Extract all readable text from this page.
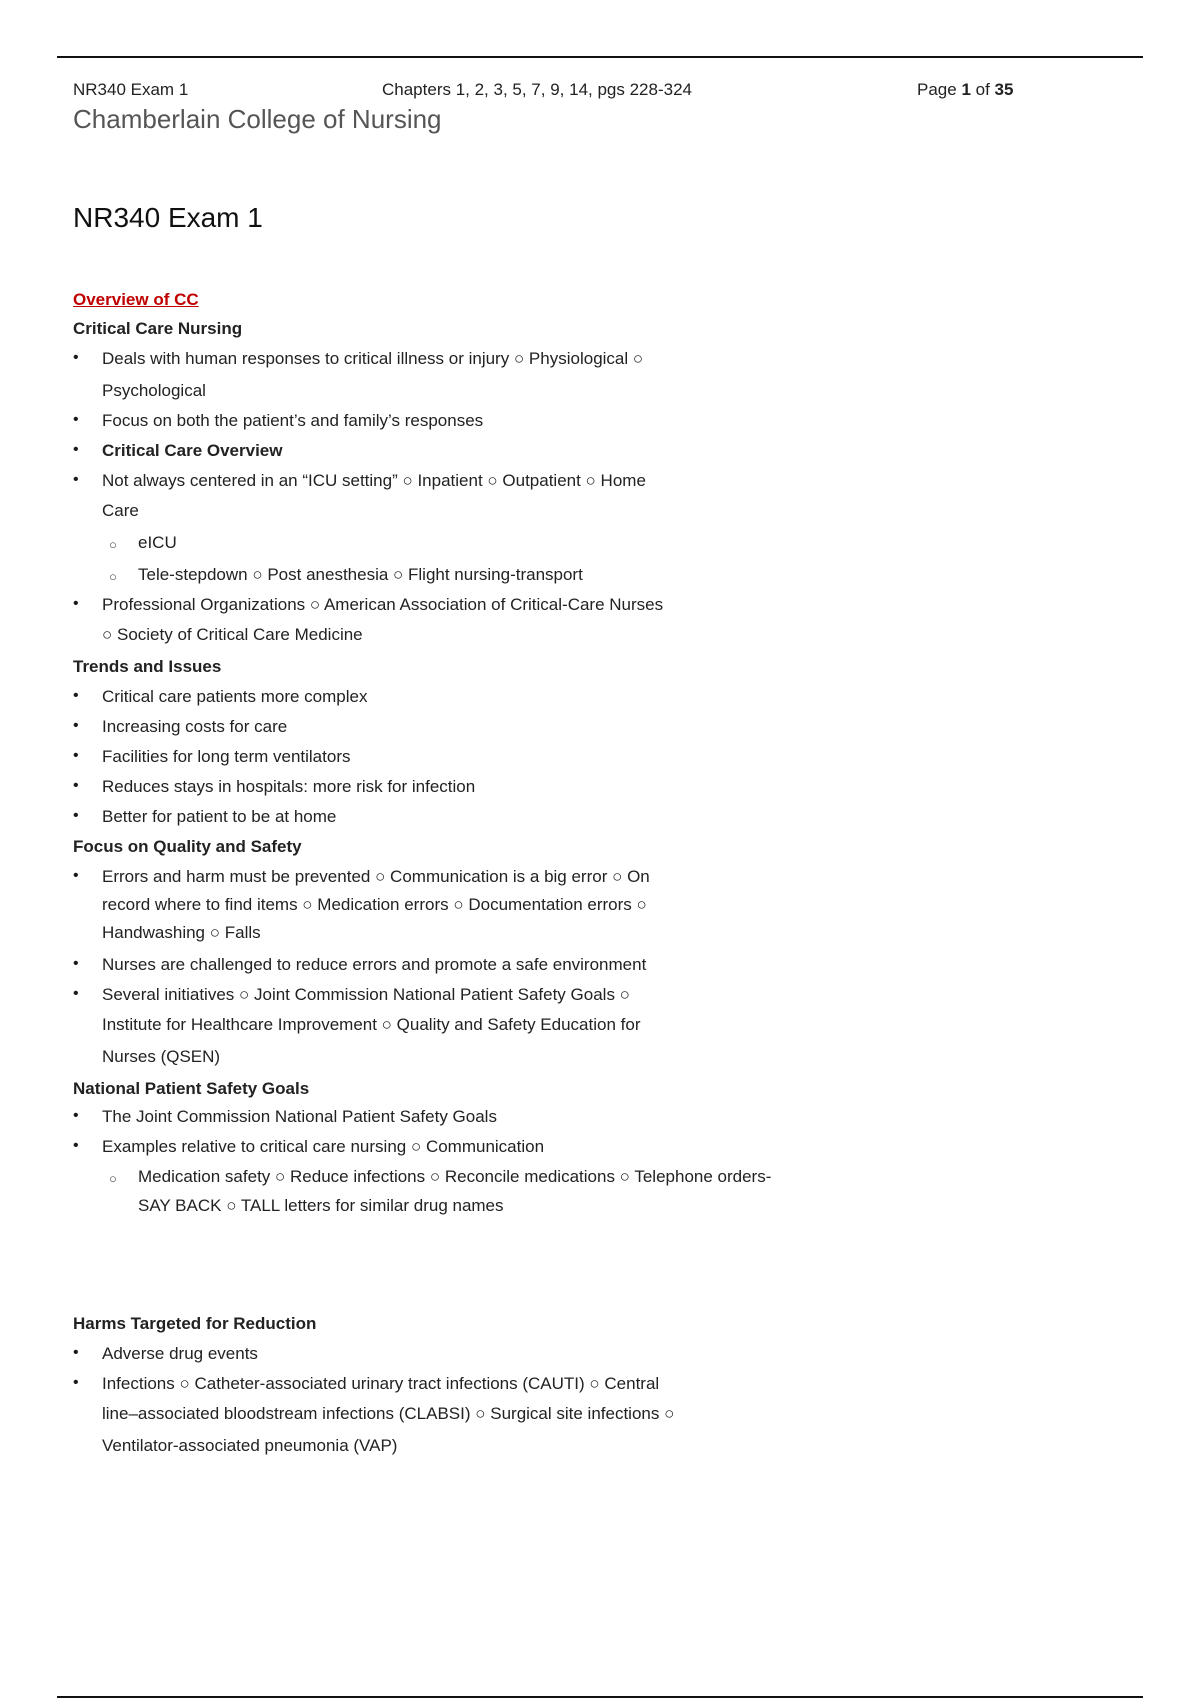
NR340 Exam 1	Chapters 1, 2, 3, 5, 7, 9, 14, pgs 228-324	Page 1 of 35
Chamberlain College of Nursing
NR340 Exam 1
Overview of CC
Critical Care Nursing
• Deals with human responses to critical illness or injury ○ Physiological ○
Psychological
• Focus on both the patient’s and family’s responses
• Critical Care Overview
• Not always centered in an “ICU setting” ○ Inpatient ○ Outpatient ○ Home
Care
○ eICU
○ Tele-stepdown ○ Post anesthesia ○ Flight nursing-transport
• Professional Organizations ○ American Association of Critical-Care Nurses
○ Society of Critical Care Medicine
Trends and Issues
• Critical care patients more complex
• Increasing costs for care
• Facilities for long term ventilators
• Reduces stays in hospitals: more risk for infection
• Better for patient to be at home
Focus on Quality and Safety
• Errors and harm must be prevented ○ Communication is a big error ○ On
record where to find items ○ Medication errors ○ Documentation errors ○
Handwashing ○ Falls
• Nurses are challenged to reduce errors and promote a safe environment
• Several initiatives ○ Joint Commission National Patient Safety Goals ○
Institute for Healthcare Improvement ○ Quality and Safety Education for
Nurses (QSEN)
National Patient Safety Goals
• The Joint Commission National Patient Safety Goals
• Examples relative to critical care nursing ○ Communication
○ Medication safety ○ Reduce infections ○ Reconcile medications ○ Telephone orders-
SAY BACK ○ TALL letters for similar drug names
Harms Targeted for Reduction
• Adverse drug events
• Infections ○ Catheter-associated urinary tract infections (CAUTI) ○ Central
line–associated bloodstream infections (CLABSI) ○ Surgical site infections ○
Ventilator-associated pneumonia (VAP)
